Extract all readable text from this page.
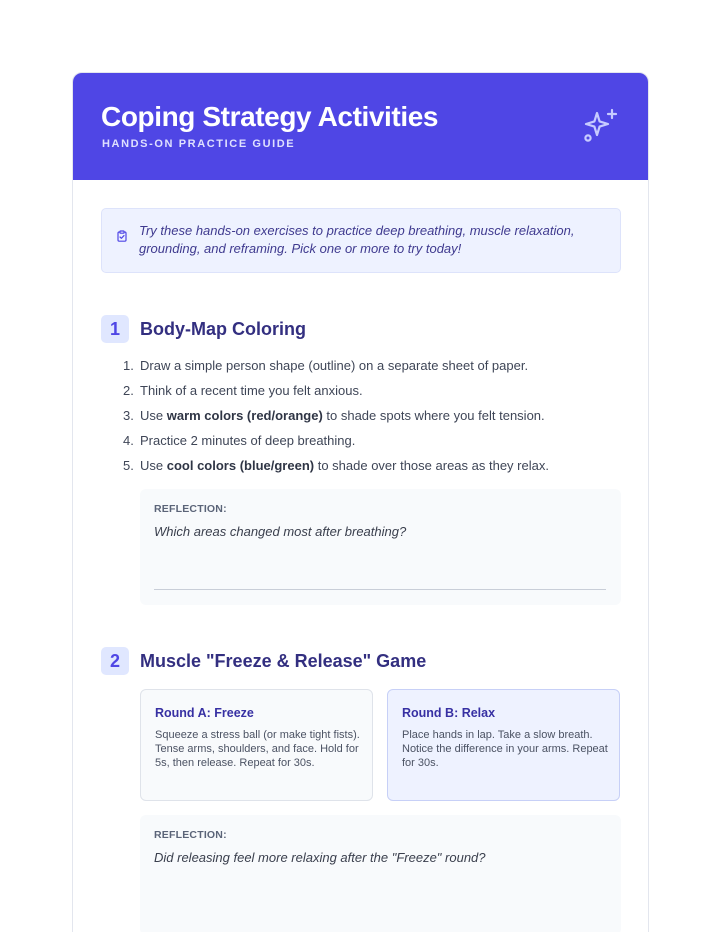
Coping Strategy Activities
HANDS-ON PRACTICE GUIDE
Try these hands-on exercises to practice deep breathing, muscle relaxation, grounding, and reframing. Pick one or more to try today!
1	Body-Map Coloring
1. Draw a simple person shape (outline) on a separate sheet of paper.
2. Think of a recent time you felt anxious.
3. Use warm colors (red/orange) to shade spots where you felt tension.
4. Practice 2 minutes of deep breathing.
5. Use cool colors (blue/green) to shade over those areas as they relax.
REFLECTION:
Which areas changed most after breathing?
2	Muscle "Freeze & Release" Game
Round A: Freeze
Squeeze a stress ball (or make tight fists). Tense arms, shoulders, and face. Hold for 5s, then release. Repeat for 30s.
Round B: Relax
Place hands in lap. Take a slow breath. Notice the difference in your arms. Repeat for 30s.
REFLECTION:
Did releasing feel more relaxing after the "Freeze" round?
